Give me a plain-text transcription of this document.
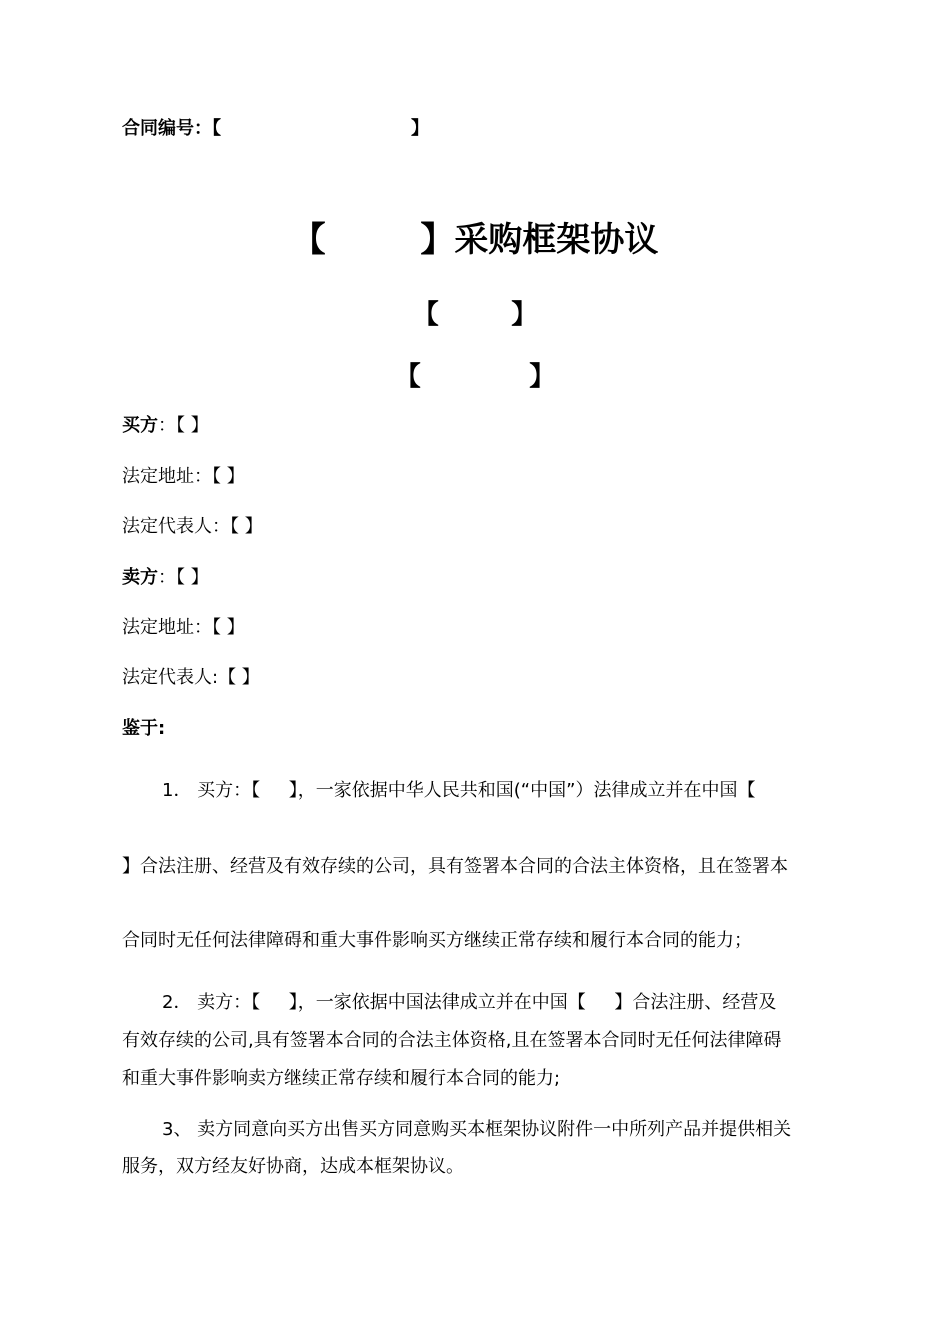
合同编号：【	】
【        】采购框架协议
【        】
【            】
买方：【 】
法定地址：【 】
法定代表人：【 】
卖方：【 】
法定地址：【 】
法定代表人:【 】
鉴于:
1． 买方：【     】，一家依据中华人民共和国(“中国”）法律成立并在中国【
】合法注册、经营及有效存续的公司，具有签署本合同的合法主体资格，且在签署本
合同时无任何法律障碍和重大事件影响买方继续正常存续和履行本合同的能力；
2． 卖方：【     】，一家依据中国法律成立并在中国【     】合法注册、经营及
有效存续的公司,具有签署本合同的合法主体资格,且在签署本合同时无任何法律障碍
和重大事件影响卖方继续正常存续和履行本合同的能力;
3、 卖方同意向买方出售买方同意购买本框架协议附件一中所列产品并提供相关
服务，双方经友好协商，达成本框架协议。
